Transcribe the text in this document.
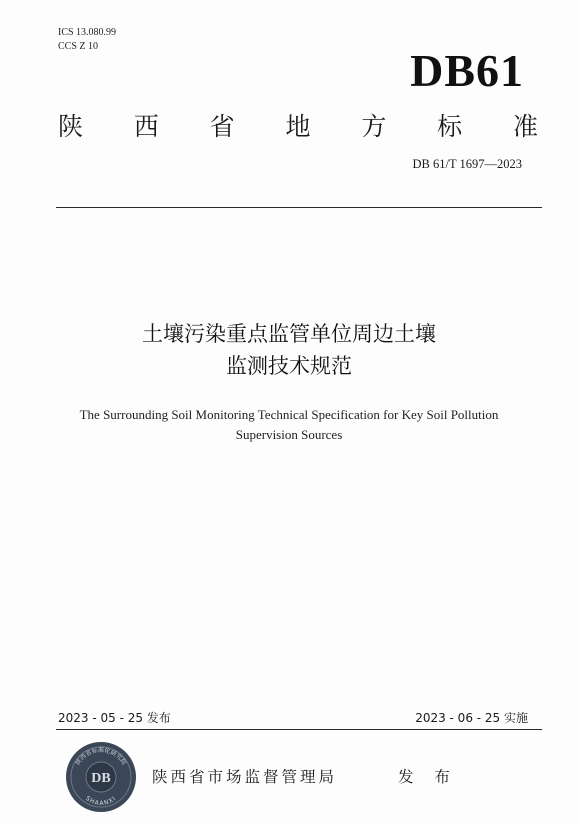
ICS 13.080.99
CCS Z 10	DB61
陕 西 省 地 方 标 准
DB 61/T 1697—2023
土壤污染重点监管单位周边土壤
监测技术规范
The Surrounding Soil Monitoring Technical Specification for Key Soil Pollution
Supervision Sources
2023 - 05 - 25 发布	2023 - 06 - 25 实施
陕西省标准化研究院
SHAANXI
DB	陕西省市场监督管理局	发 布
